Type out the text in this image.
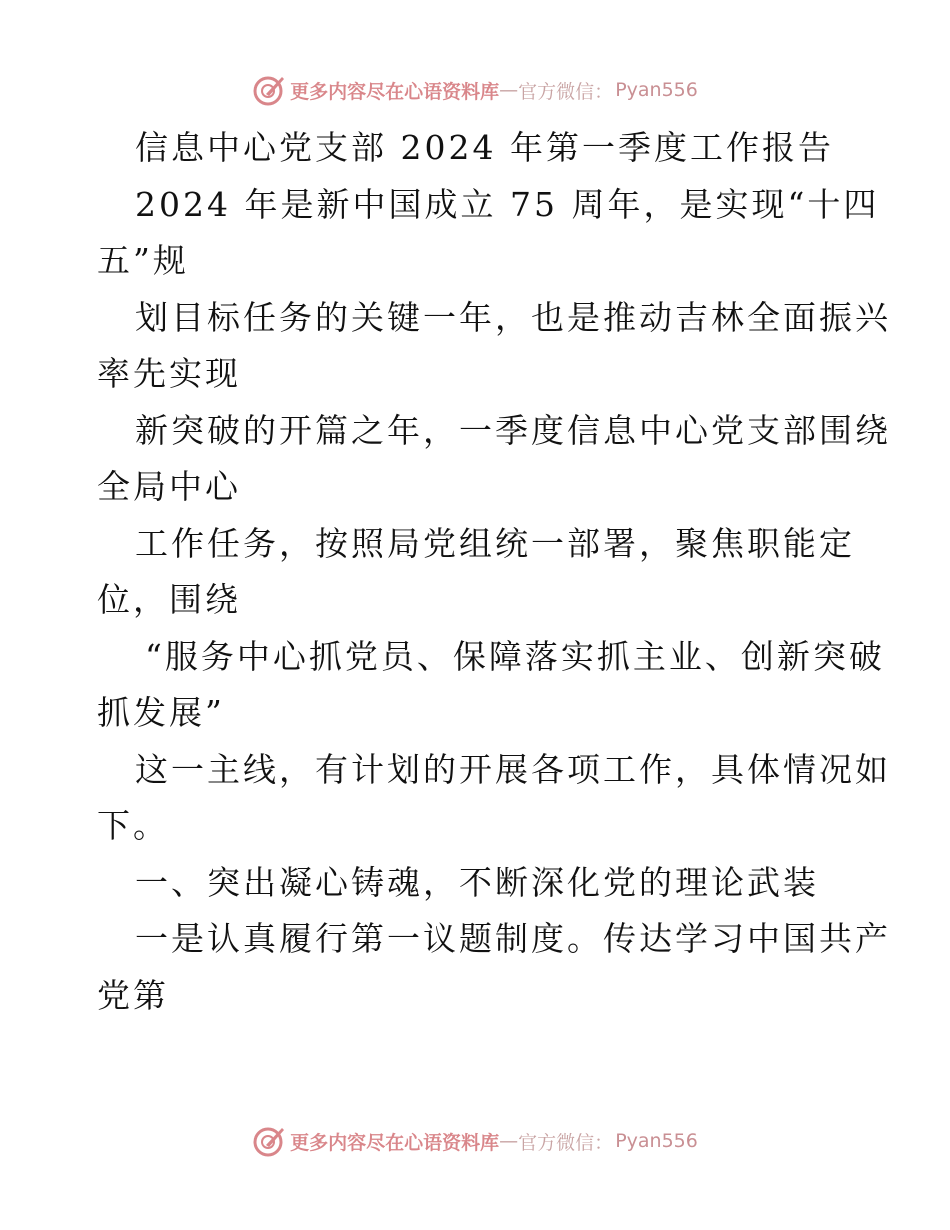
更多内容尽在心语资料库 — 官方微信： Pyan556
信息中心党支部 2024 年第一季度工作报告
2024 年是新中国成立 75 周年，是实现“十四
五”规
划目标任务的关键一年，也是推动吉林全面振兴
率先实现
新突破的开篇之年，一季度信息中心党支部围绕
全局中心
工作任务，按照局党组统一部署，聚焦职能定
位，围绕
“服务中心抓党员、保障落实抓主业、创新突破
抓发展”
这一主线，有计划的开展各项工作，具体情况如
下。
一、突出凝心铸魂，不断深化党的理论武装
一是认真履行第一议题制度。传达学习中国共产
党第
更多内容尽在心语资料库 — 官方微信： Pyan556
